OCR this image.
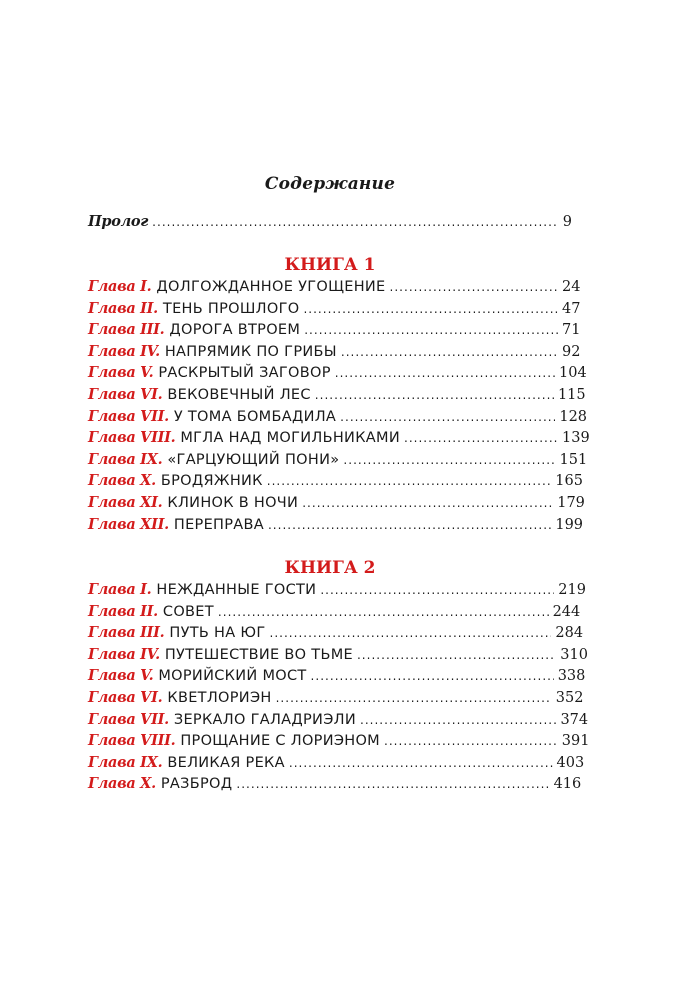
Содержание
Пролог . . .	9
КНИГА 1
Глава I. ДОЛГОЖДАННОЕ УГОЩЕНИЕ . . .	24
Глава II. ТЕНЬ ПРОШЛОГО . . .	47
Глава III. ДОРОГА ВТРОЕМ . . .	71
Глава IV. НАПРЯМИК ПО ГРИБЫ . . .	92
Глава V. РАСКРЫТЫЙ ЗАГОВОР . . .	104
Глава VI. ВЕКОВЕЧНЫЙ ЛЕС . . .	115
Глава VII. У ТОМА БОМБАДИЛА . . .	128
Глава VIII. МГЛА НАД МОГИЛЬНИКАМИ . . .	139
Глава IX. «ГАРЦУЮЩИЙ ПОНИ» . . .	151
Глава X. БРОДЯЖНИК . . .	165
Глава XI. КЛИНОК В НОЧИ . . .	179
Глава XII. ПЕРЕПРАВА . . .	199
КНИГА 2
Глава I. НЕЖДАННЫЕ ГОСТИ . . .	219
Глава II. СОВЕТ . . .	244
Глава III. ПУТЬ НА ЮГ . . .	284
Глава IV. ПУТЕШЕСТВИЕ ВО ТЬМЕ . . .	310
Глава V. МОРИЙСКИЙ МОСТ . . .	338
Глава VI. КВЕТЛОРИЭН . . .	352
Глава VII. ЗЕРКАЛО ГАЛАДРИЭЛИ . . .	374
Глава VIII. ПРОЩАНИЕ С ЛОРИЭНОМ . . .	391
Глава IX. ВЕЛИКАЯ РЕКА . . .	403
Глава X. РАЗБРОД . . .	416
